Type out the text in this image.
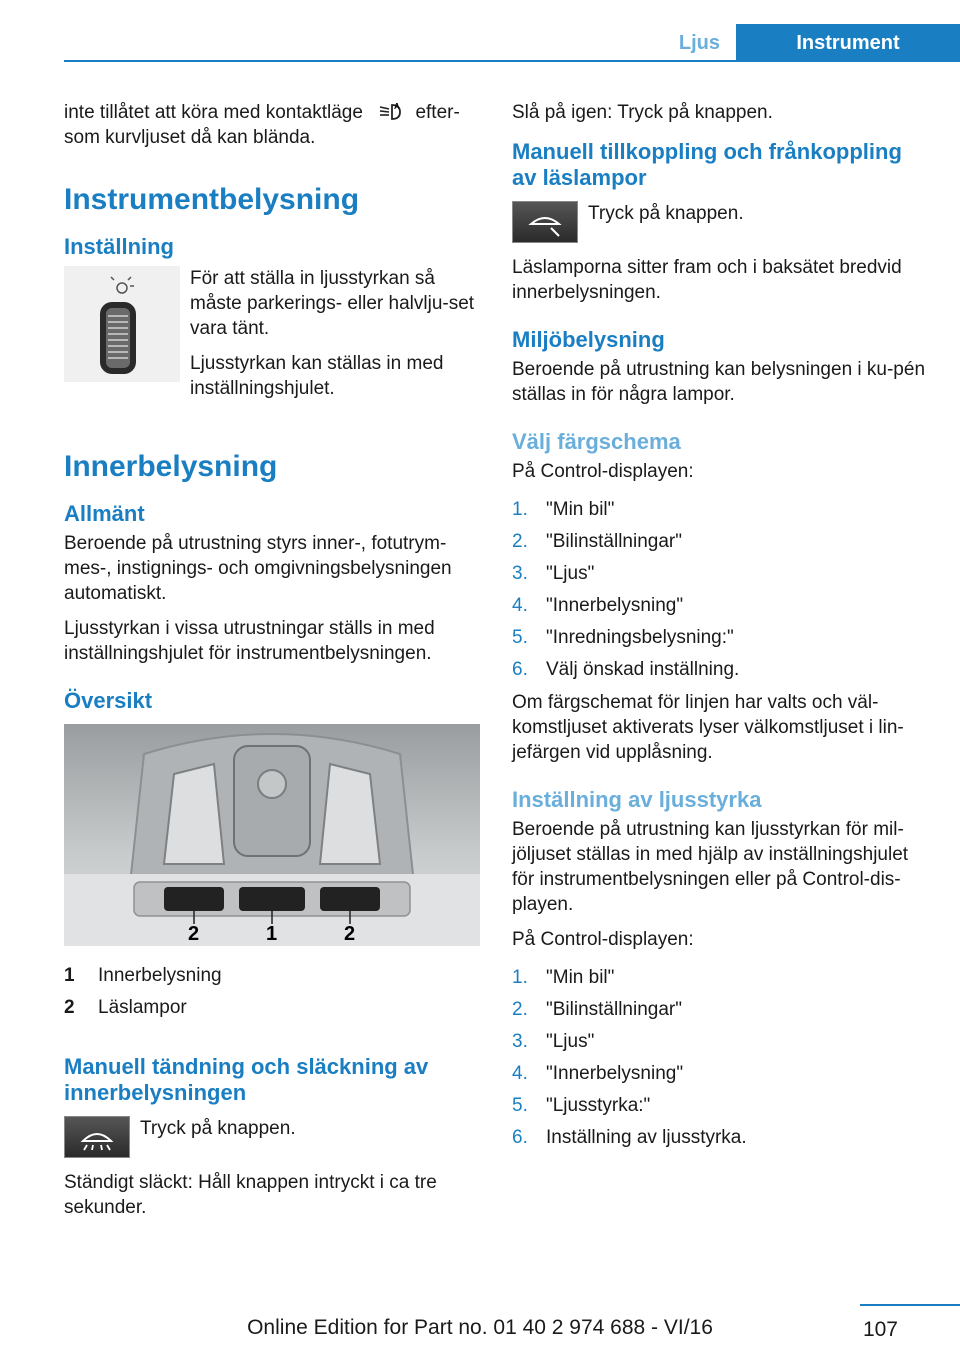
Ljus	Instrument

inte tillåtet att köra med kontaktläge	A efter-
som kurvljuset då kan blända.

Instrumentbelysning
Inställning

För att ställa in ljusstyrkan så måste parkerings- eller halvlju-set vara tänt.

Ljusstyrkan kan ställas in med inställningshjulet.

Innerbelysning
Allmänt

Beroende på utrustning styrs inner-, fotutrym-mes-, instignings- och omgivningsbelysningen automatiskt.

Ljusstyrkan i vissa utrustningar ställs in med inställningshjulet för instrumentbelysningen.

Översikt
2	1	2
1	Innerbelysning
2	Läslampor
Manuell tändning och släckning av innerbelysningen

Tryck på knappen.

Ständigt släckt: Håll knappen intryckt i ca tre sekunder.

Slå på igen: Tryck på knappen.

Manuell tillkoppling och frånkoppling av läslampor

Tryck på knappen.

Läslamporna sitter fram och i baksätet bredvid innerbelysningen.

Miljöbelysning

Beroende på utrustning kan belysningen i ku-pén ställas in för några lampor.

Välj färgschema

På Control-displayen:

1. "Min bil"
2. "Bilinställningar"
3. "Ljus"
4. "Innerbelysning"
5. "Inredningsbelysning:"
6. Välj önskad inställning.

Om färgschemat för linjen har valts och väl-komstljuset aktiverats lyser välkomstljuset i lin-jefärgen vid upplåsning.

Inställning av ljusstyrka

Beroende på utrustning kan ljusstyrkan för mil-jöljuset ställas in med hjälp av inställningshjulet för instrumentbelysningen eller på Control-dis-playen.

På Control-displayen:

1. "Min bil"
2. "Bilinställningar"
3. "Ljus"
4. "Innerbelysning"
5. "Ljusstyrka:"
6. Inställning av ljusstyrka.
107
Online Edition for Part no. 01 40 2 974 688 - VI/16
